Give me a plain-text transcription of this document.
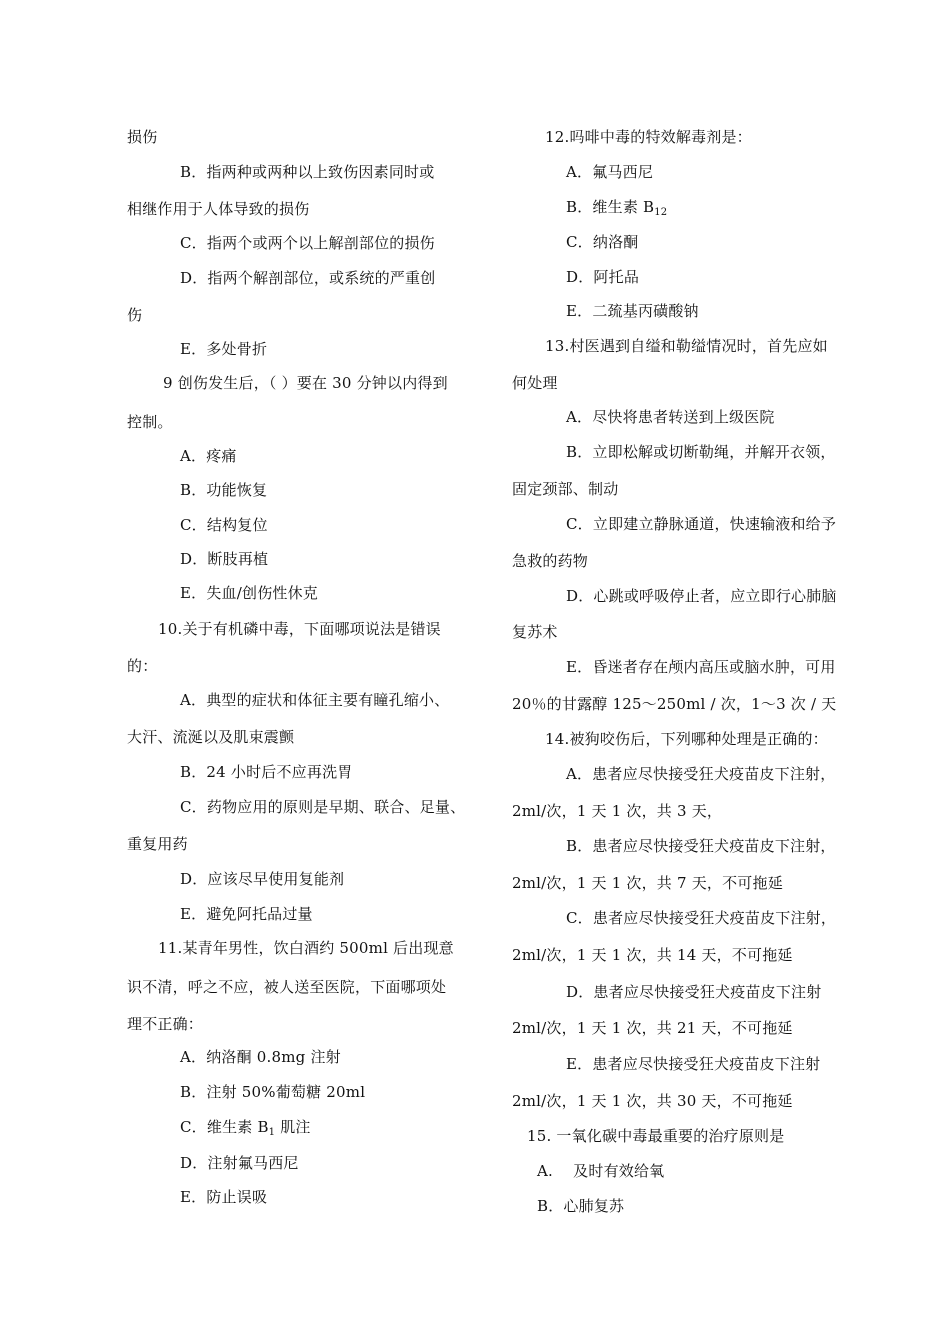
损伤
B．指两种或两种以上致伤因素同时或
相继作用于人体导致的损伤
C．指两个或两个以上解剖部位的损伤
D．指两个解剖部位，或系统的严重创
伤
E．多处骨折
9 创伤发生后，（ ）要在 30 分钟以内得到
控制。
A．疼痛
B．功能恢复
C．结构复位
D．断肢再植
E．失血/创伤性休克
10.关于有机磷中毒，下面哪项说法是错误
的：
A．典型的症状和体征主要有瞳孔缩小、
大汗、流涎以及肌束震颤
B．24 小时后不应再洗胃
C．药物应用的原则是早期、联合、足量、
重复用药
D．应该尽早使用复能剂
E．避免阿托品过量
11.某青年男性，饮白酒约 500ml 后出现意
识不清，呼之不应，被人送至医院，下面哪项处
理不正确：
A．纳洛酮 0.8mg 注射
B．注射 50%葡萄糖 20ml
C．维生素 $B_1$ 肌注
D．注射氟马西尼
E．防止误吸
12.吗啡中毒的特效解毒剂是：
A．氟马西尼
B．维生素 $B_{12}$
C．纳洛酮
D．阿托品
E．二巯基丙磺酸钠
13.村医遇到自缢和勒缢情况时，首先应如
何处理
A．尽快将患者转送到上级医院
B．立即松解或切断勒绳，并解开衣领，
固定颈部、制动
C．立即建立静脉通道，快速输液和给予
急救的药物
D．心跳或呼吸停止者，应立即行心肺脑
复苏术
E．昏迷者存在颅内高压或脑水肿，可用
20％的甘露醇 125～250ml / 次，1～3 次 / 天
14.被狗咬伤后，下列哪种处理是正确的：
A．患者应尽快接受狂犬疫苗皮下注射，
2ml/次，1 天 1 次，共 3 天，
B．患者应尽快接受狂犬疫苗皮下注射，
2ml/次，1 天 1 次，共 7 天，不可拖延
C．患者应尽快接受狂犬疫苗皮下注射，
2ml/次，1 天 1 次，共 14 天，不可拖延
D．患者应尽快接受狂犬疫苗皮下注射
2ml/次，1 天 1 次，共 21 天，不可拖延
E．患者应尽快接受狂犬疫苗皮下注射
2ml/次，1 天 1 次，共 30 天，不可拖延
15. 一氧化碳中毒最重要的治疗原则是
A.　 及时有效给氧
B．心肺复苏
